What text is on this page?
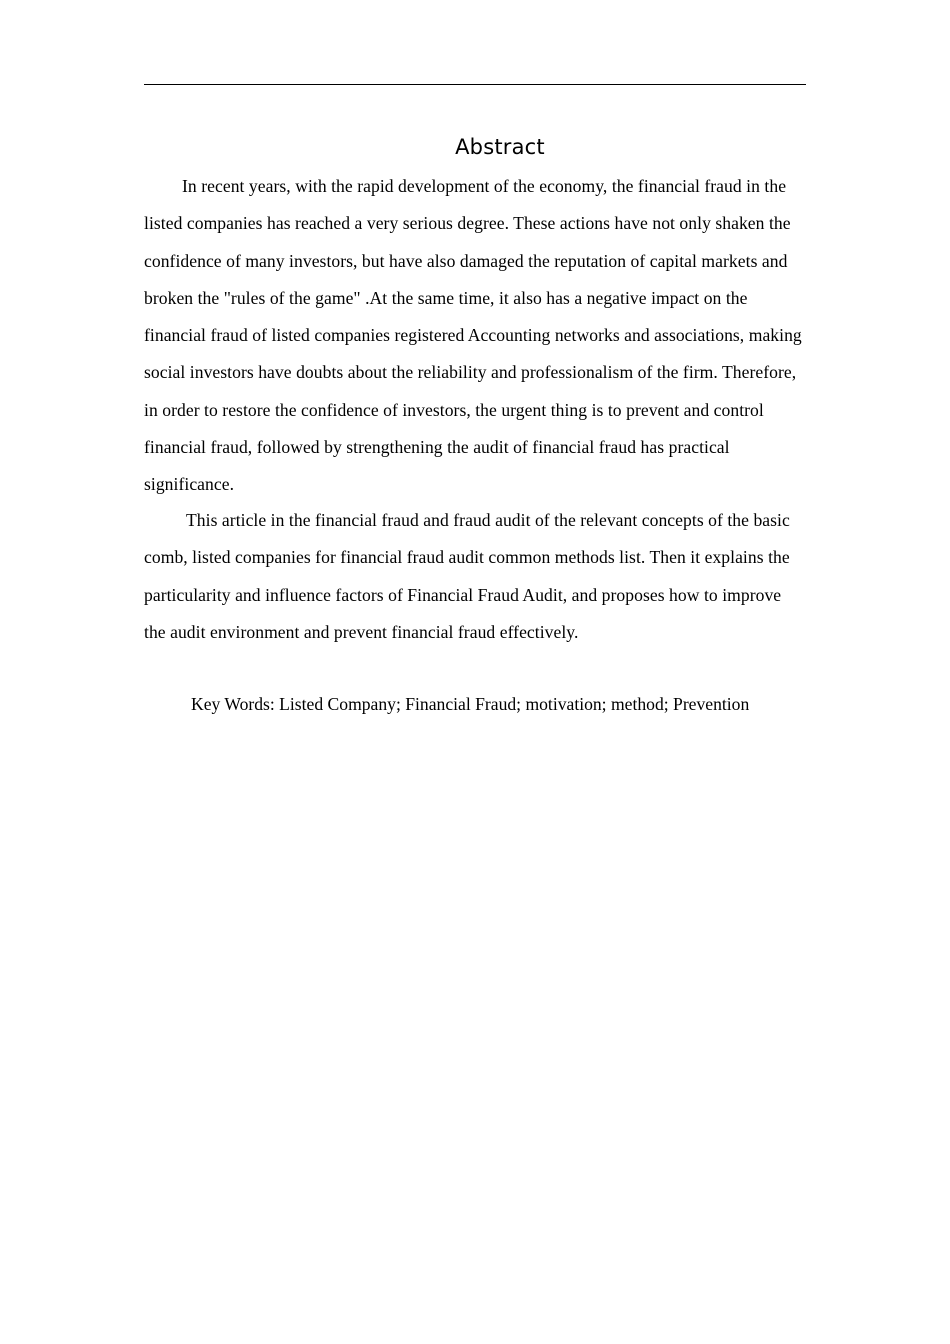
Abstract

In recent years, with the rapid development of the economy, the financial fraud in the listed companies has reached a very serious degree. These actions have not only shaken the confidence of many investors, but have also damaged the reputation of capital markets and broken the "rules of the game" .At the same time, it also has a negative impact on the financial fraud of listed companies registered Accounting networks and associations, making social investors have doubts about the reliability and professionalism of the firm. Therefore, in order to restore the confidence of investors, the urgent thing is to prevent and control financial fraud, followed by strengthening the audit of financial fraud has practical significance.

This article in the financial fraud and fraud audit of the relevant concepts of the basic comb, listed companies for financial fraud audit common methods list. Then it explains the particularity and influence factors of Financial Fraud Audit, and proposes how to improve the audit environment and prevent financial fraud effectively.

Key Words: Listed Company; Financial Fraud; motivation; method; Prevention
